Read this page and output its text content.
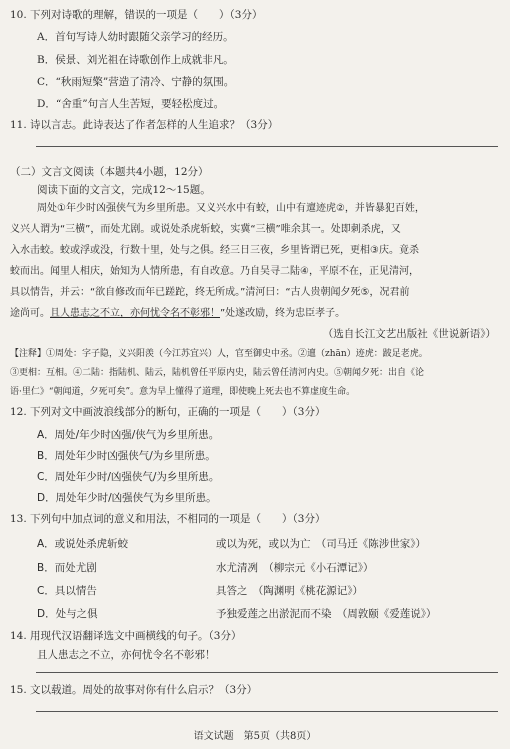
10. 下列对诗歌的理解，错误的一项是（　　）（3分）
A．首句写诗人幼时跟随父亲学习的经历。
B．侯景、刘光祖在诗歌创作上成就非凡。
C．“秋雨短檠”营造了清冷、宁静的氛围。
D．“舍重”句言人生苦短，要轻松度过。
11. 诗以言志。此诗表达了作者怎样的人生追求？（3分）
（二）文言文阅读（本题共4小题，12分）
阅读下面的文言文，完成12～15题。
周处①年少时凶强侠气为乡里所患。又义兴水中有蛟，山中有邅迹虎②，并皆暴犯百姓，
义兴人谓为“三横”，而处尤剧。或说处杀虎斩蛟，实冀“三横”唯余其一。处即刺杀虎，又
入水击蛟。蛟或浮或没，行数十里，处与之俱。经三日三夜，乡里皆谓已死，更相③庆。竟杀
蛟而出。闻里人相庆，始知为人情所患，有自改意。乃自吴寻二陆④，平原不在，正见清河，
具以情告，并云：“欲自修改而年已蹉跎，终无所成。”清河曰：“古人贵朝闻夕死⑤，况君前
途尚可。且人患志之不立，亦何忧令名不彰邪！”处遂改励，终为忠臣孝子。
（选自长江文艺出版社《世说新语》）
【注释】①周处：字子隐，义兴阳羡（今江苏宜兴）人，官至御史中丞。②邅（zhān）迹虎：跛足老虎。
③更相：互相。④二陆：指陆机、陆云，陆机曾任平原内史，陆云曾任清河内史。⑤朝闻夕死：出自《论
语·里仁》“朝闻道，夕死可矣”。意为早上懂得了道理，即使晚上死去也不算虚度生命。
12. 下列对文中画波浪线部分的断句，正确的一项是（　　）（3分）
A．周处/年少时凶强/侠气为乡里所患。
B．周处年少时凶强侠气/为乡里所患。
C．周处年少时/凶强侠气/为乡里所患。
D．周处年少时/凶强侠气为乡里所患。
13. 下列句中加点词的意义和用法，不相同的一项是（　　）（3分）
A．或说处杀虎斩蛟	或以为死，或以为亡　（司马迁《陈涉世家》）
B．而处尤剧	水尤清冽　（柳宗元《小石潭记》）
C．具以情告	具答之　（陶渊明《桃花源记》）
D．处与之俱	予独爱莲之出淤泥而不染　（周敦颐《爱莲说》）
14. 用现代汉语翻译选文中画横线的句子。（3分）
且人患志之不立，亦何忧令名不彰邪！
15. 文以载道。周处的故事对你有什么启示？（3分）
语文试题　第5页（共8页）
